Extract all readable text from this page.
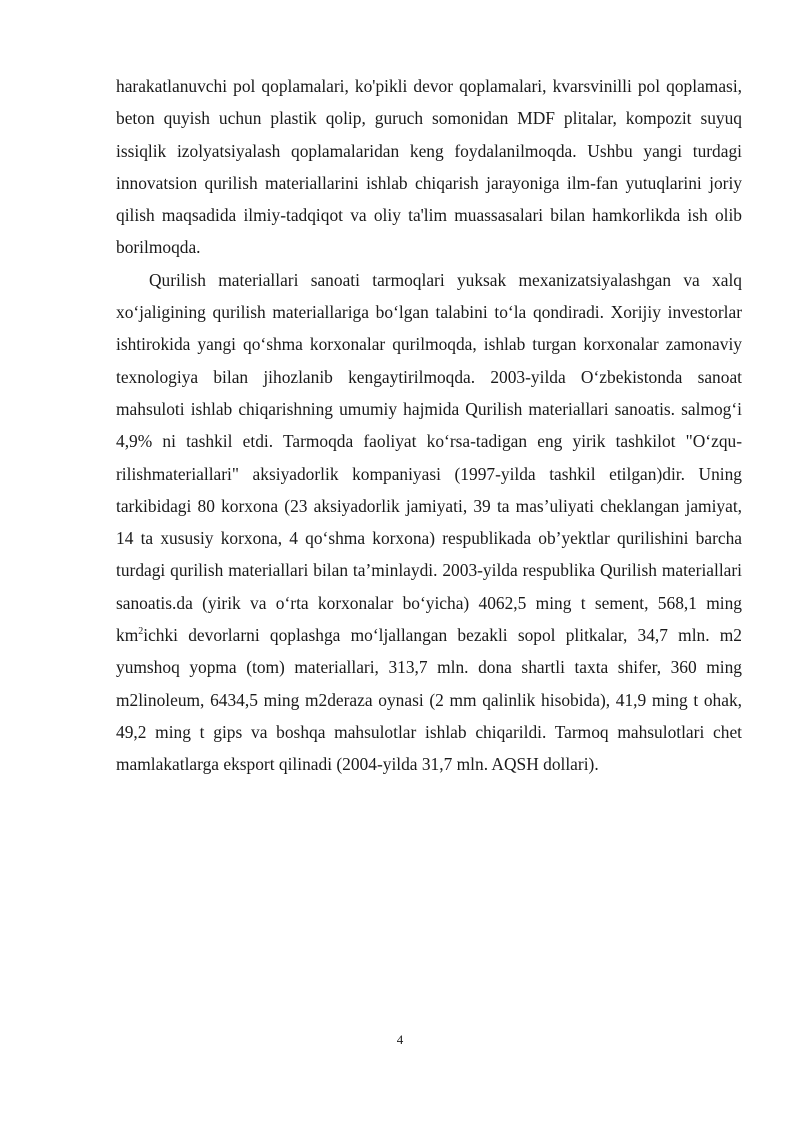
harakatlanuvchi pol qoplamalari, ko'pikli devor qoplamalari, kvarsvinilli pol qoplamasi, beton quyish uchun plastik qolip, guruch somonidan MDF plitalar, kompozit suyuq issiqlik izolyatsiyalash qoplamalaridan keng foydalanilmoqda. Ushbu yangi turdagi innovatsion qurilish materiallarini ishlab chiqarish jarayoniga ilm-fan yutuqlarini joriy qilish maqsadida ilmiy-tadqiqot va oliy ta'lim muassasalari bilan hamkorlikda ish olib borilmoqda.

Qurilish materiallari sanoati tarmoqlari yuksak mexanizatsiyalashgan va xalq xo‘jaligining qurilish materiallariga bo‘lgan talabini to‘la qondiradi. Xorijiy investorlar ishtirokida yangi qo‘shma korxonalar qurilmoqda, ishlab turgan korxonalar zamonaviy texnologiya bilan jihozlanib kengaytirilmoqda. 2003-yilda O‘zbekistonda sanoat mahsuloti ishlab chiqarishning umumiy hajmida Qurilish materiallari sanoatis. salmog‘i 4,9% ni tashkil etdi. Tarmoqda faoliyat ko‘rsa-tadigan eng yirik tashkilot "O‘zqu-rilishmateriallari" aksiyadorlik kompaniyasi (1997-yilda tashkil etilgan)dir. Uning tarkibidagi 80 korxona (23 aksiyadorlik jamiyati, 39 ta mas’uliyati cheklangan jamiyat, 14 ta xususiy korxona, 4 qo‘shma korxona) respublikada ob’yektlar qurilishini barcha turdagi qurilish materiallari bilan ta’minlaydi. 2003-yilda respublika Qurilish materiallari sanoatis.da (yirik va o‘rta korxonalar bo‘yicha) 4062,5 ming t sement, 568,1 ming $km^2ichki$ devorlarni qoplashga mo‘ljallangan bezakli sopol plitkalar, 34,7 mln. m2 yumshoq yopma (tom) materiallari, 313,7 mln. dona shartli taxta shifer, 360 ming m2linoleum, 6434,5 ming m2deraza oynasi (2 mm qalinlik hisobida), 41,9 ming t ohak, 49,2 ming t gips va boshqa mahsulotlar ishlab chiqarildi. Tarmoq mahsulotlari chet mamlakatlarga eksport qilinadi (2004-yilda 31,7 mln. AQSH dollari).

4
